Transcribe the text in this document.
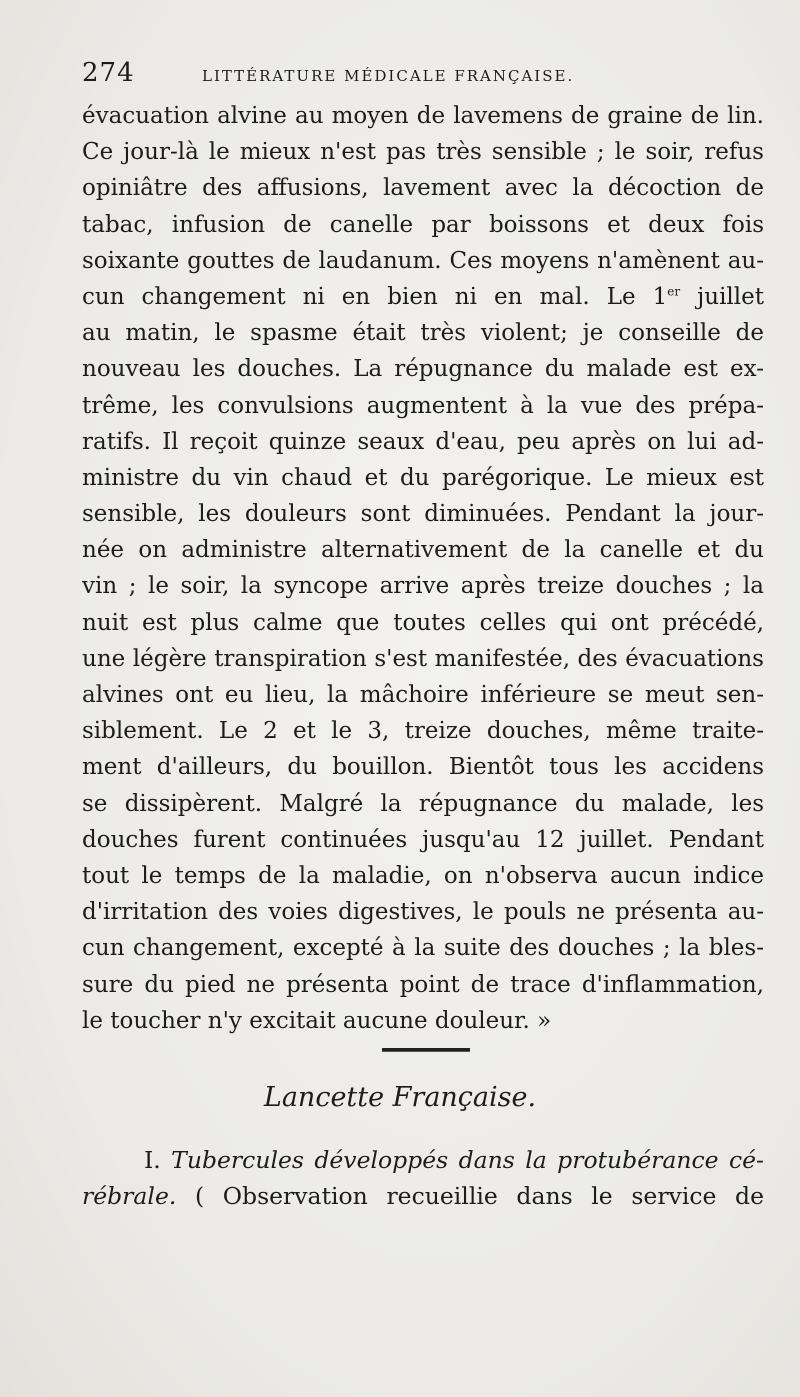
274	LITTÉRATURE MÉDICALE FRANÇAISE.
évacuation alvine au moyen de lavemens de graine de lin.
Ce jour-là le mieux n'est pas très sensible ; le soir, refus
opiniâtre des affusions, lavement avec la décoction de
tabac, infusion de canelle par boissons et deux fois
soixante gouttes de laudanum. Ces moyens n'amènent au-
cun changement ni en bien ni en mal. Le 1er juillet
au matin, le spasme était très violent; je conseille de
nouveau les douches. La répugnance du malade est ex-
trême, les convulsions augmentent à la vue des prépa-
ratifs. Il reçoit quinze seaux d'eau, peu après on lui ad-
ministre du vin chaud et du parégorique. Le mieux est
sensible, les douleurs sont diminuées. Pendant la jour-
née on administre alternativement de la canelle et du
vin ; le soir, la syncope arrive après treize douches ; la
nuit est plus calme que toutes celles qui ont précédé,
une légère transpiration s'est manifestée, des évacuations
alvines ont eu lieu, la mâchoire inférieure se meut sen-
siblement. Le 2 et le 3, treize douches, même traite-
ment d'ailleurs, du bouillon. Bientôt tous les accidens
se dissipèrent. Malgré la répugnance du malade, les
douches furent continuées jusqu'au 12 juillet. Pendant
tout le temps de la maladie, on n'observa aucun indice
d'irritation des voies digestives, le pouls ne présenta au-
cun changement, excepté à la suite des douches ; la bles-
sure du pied ne présenta point de trace d'inflammation,
le toucher n'y excitait aucune douleur. »
Lancette Française.
I. Tubercules développés dans la protubérance cé-
rébrale. ( Observation recueillie dans le service de
